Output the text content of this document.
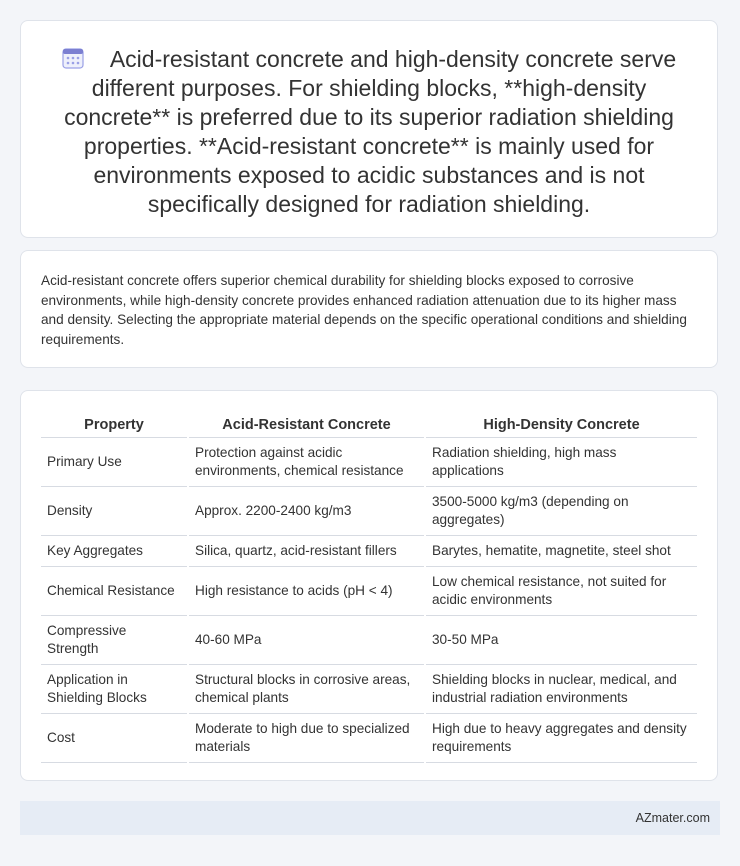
Acid-resistant concrete and high-density concrete serve different purposes. For shielding blocks, **high-density concrete** is preferred due to its superior radiation shielding properties. **Acid-resistant concrete** is mainly used for environments exposed to acidic substances and is not specifically designed for radiation shielding.

Acid-resistant concrete offers superior chemical durability for shielding blocks exposed to corrosive environments, while high-density concrete provides enhanced radiation attenuation due to its higher mass and density. Selecting the appropriate material depends on the specific operational conditions and shielding requirements.

Property	Acid-Resistant Concrete	High-Density Concrete
Primary Use	Protection against acidic environments, chemical resistance	Radiation shielding, high mass applications
Density	Approx. 2200-2400 kg/m3	3500-5000 kg/m3 (depending on aggregates)
Key Aggregates	Silica, quartz, acid-resistant fillers	Barytes, hematite, magnetite, steel shot
Chemical Resistance	High resistance to acids (pH < 4)	Low chemical resistance, not suited for acidic environments
Compressive Strength	40-60 MPa	30-50 MPa
Application in Shielding Blocks	Structural blocks in corrosive areas, chemical plants	Shielding blocks in nuclear, medical, and industrial radiation environments
Cost	Moderate to high due to specialized materials	High due to heavy aggregates and density requirements
AZmater.com
